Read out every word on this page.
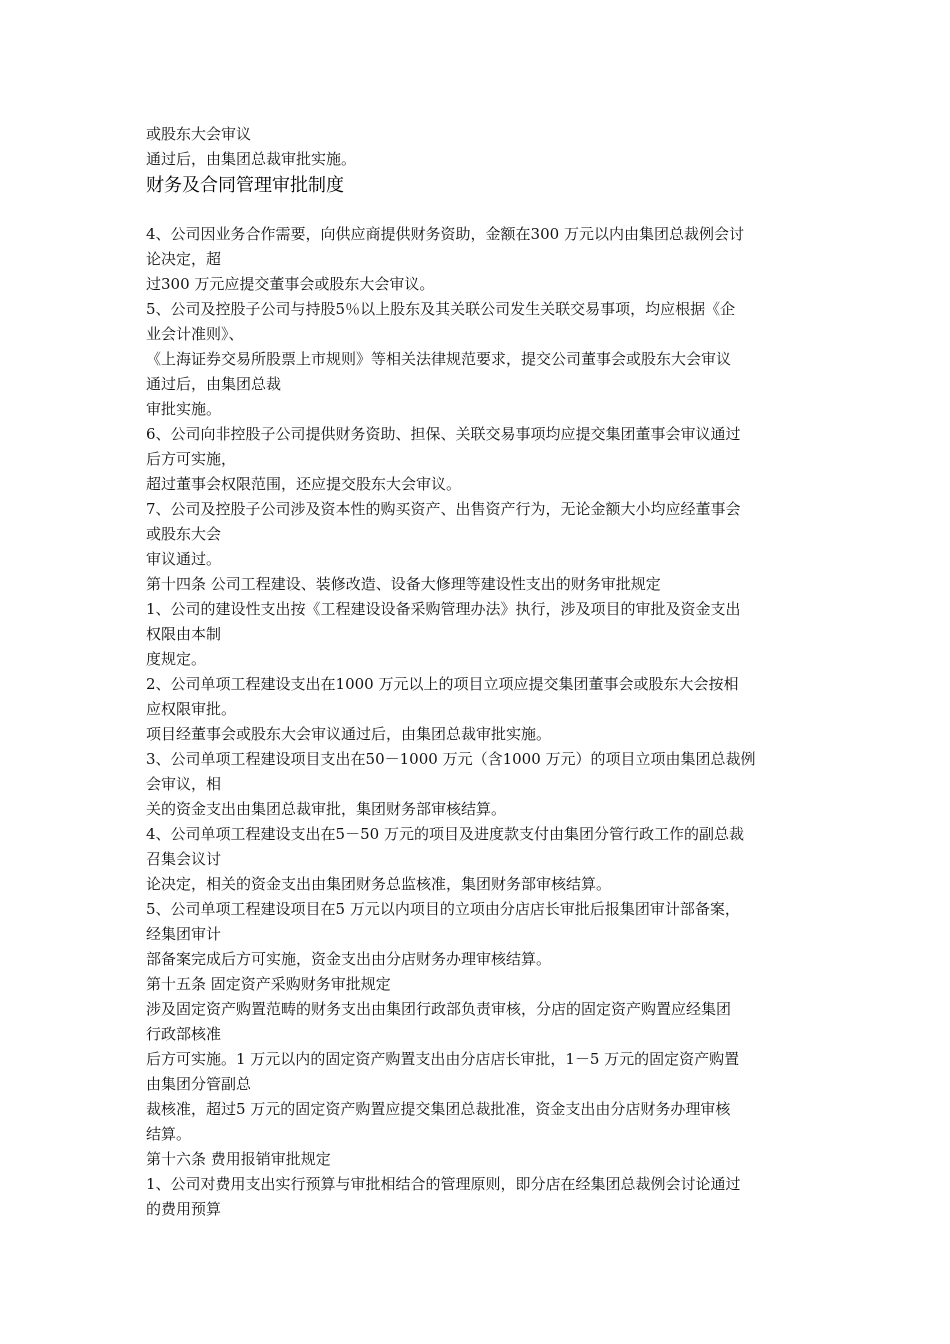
或股东大会审议
通过后，由集团总裁审批实施。
财务及合同管理审批制度
4、公司因业务合作需要，向供应商提供财务资助，金额在300 万元以内由集团总裁例会讨
论决定，超
过300 万元应提交董事会或股东大会审议。
5、公司及控股子公司与持股5％以上股东及其关联公司发生关联交易事项，均应根据《企
业会计准则》、
《上海证券交易所股票上市规则》等相关法律规范要求，提交公司董事会或股东大会审议
通过后，由集团总裁
审批实施。
6、公司向非控股子公司提供财务资助、担保、关联交易事项均应提交集团董事会审议通过
后方可实施，
超过董事会权限范围，还应提交股东大会审议。
7、公司及控股子公司涉及资本性的购买资产、出售资产行为，无论金额大小均应经董事会
或股东大会
审议通过。
第十四条 公司工程建设、装修改造、设备大修理等建设性支出的财务审批规定
1、公司的建设性支出按《工程建设设备采购管理办法》执行，涉及项目的审批及资金支出
权限由本制
度规定。
2、公司单项工程建设支出在1000 万元以上的项目立项应提交集团董事会或股东大会按相
应权限审批。
项目经董事会或股东大会审议通过后，由集团总裁审批实施。
3、公司单项工程建设项目支出在50－1000 万元（含1000 万元）的项目立项由集团总裁例
会审议，相
关的资金支出由集团总裁审批，集团财务部审核结算。
4、公司单项工程建设支出在5－50 万元的项目及进度款支付由集团分管行政工作的副总裁
召集会议讨
论决定，相关的资金支出由集团财务总监核准，集团财务部审核结算。
5、公司单项工程建设项目在5 万元以内项目的立项由分店店长审批后报集团审计部备案，
经集团审计
部备案完成后方可实施，资金支出由分店财务办理审核结算。
第十五条 固定资产采购财务审批规定
涉及固定资产购置范畴的财务支出由集团行政部负责审核，分店的固定资产购置应经集团
行政部核准
后方可实施。1 万元以内的固定资产购置支出由分店店长审批，1－5 万元的固定资产购置
由集团分管副总
裁核准，超过5 万元的固定资产购置应提交集团总裁批准，资金支出由分店财务办理审核
结算。
第十六条 费用报销审批规定
1、公司对费用支出实行预算与审批相结合的管理原则，即分店在经集团总裁例会讨论通过
的费用预算
